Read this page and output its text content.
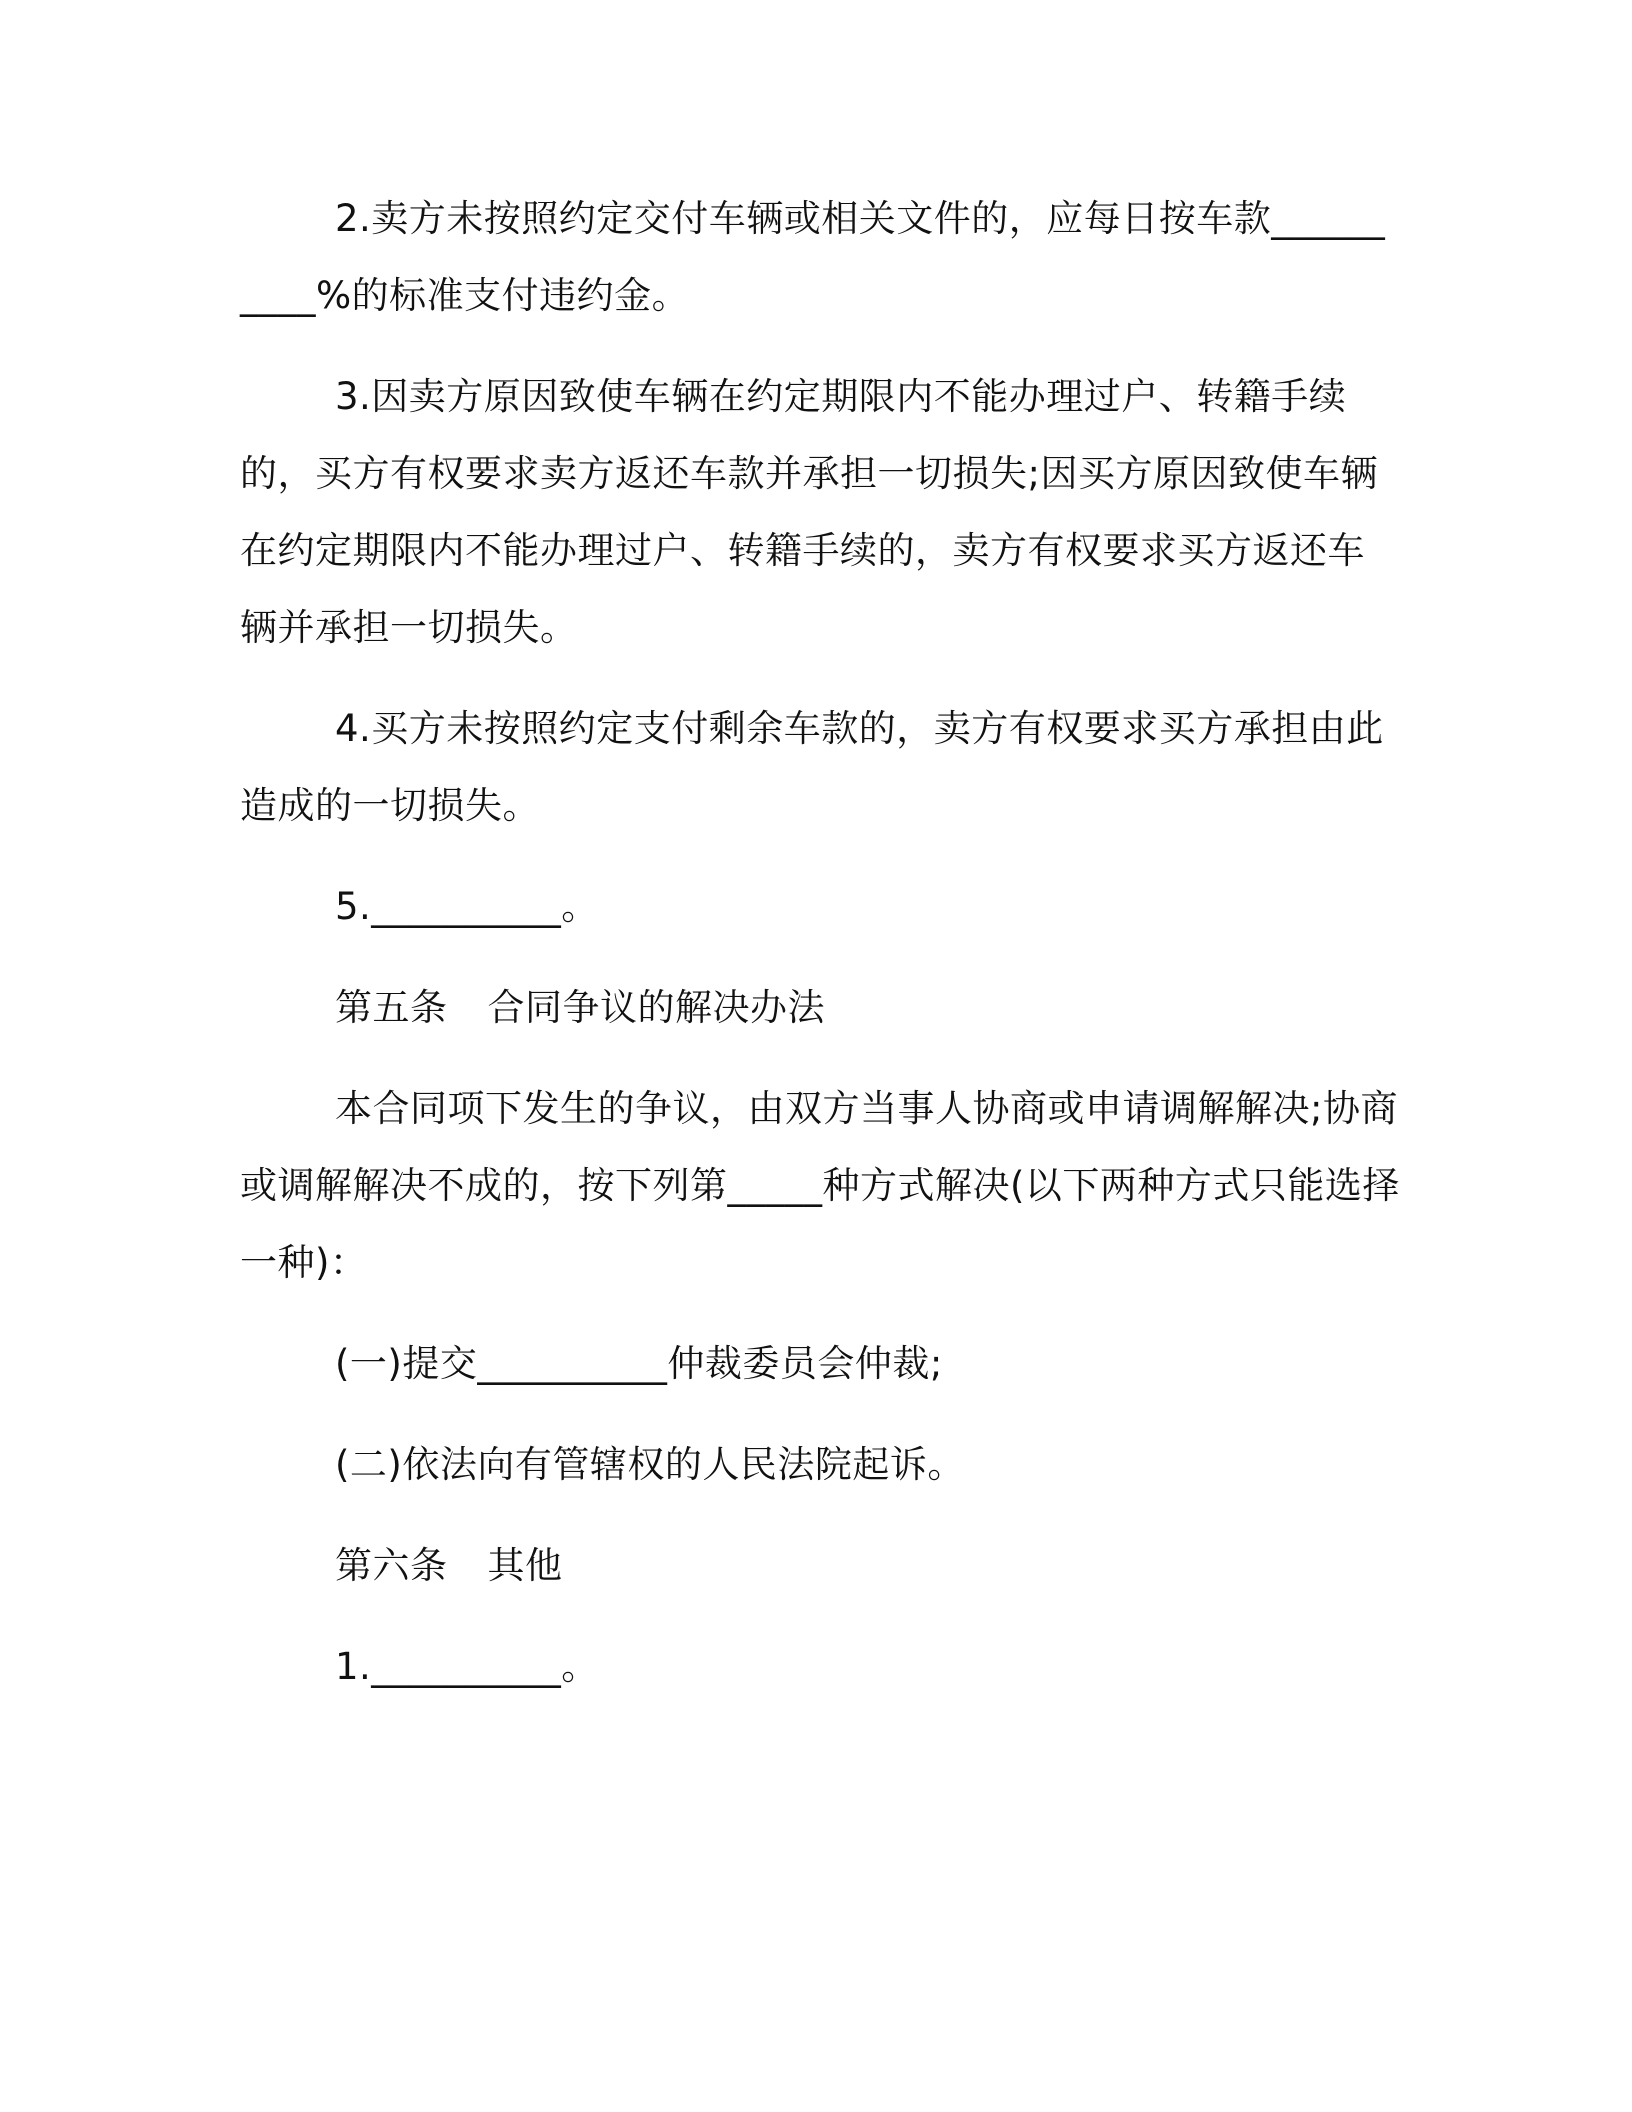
2.卖方未按照约定交付车辆或相关文件的，应每日按车款__________%的标准支付违约金。

3.因卖方原因致使车辆在约定期限内不能办理过户、转籍手续的，买方有权要求卖方返还车款并承担一切损失;因买方原因致使车辆在约定期限内不能办理过户、转籍手续的，卖方有权要求买方返还车辆并承担一切损失。

4.买方未按照约定支付剩余车款的，卖方有权要求买方承担由此造成的一切损失。

5.__________。

第五条 合同争议的解决办法

本合同项下发生的争议，由双方当事人协商或申请调解解决;协商或调解解决不成的，按下列第_____种方式解决(以下两种方式只能选择一种)：

(一)提交__________仲裁委员会仲裁;

(二)依法向有管辖权的人民法院起诉。

第六条 其他

1.__________。
